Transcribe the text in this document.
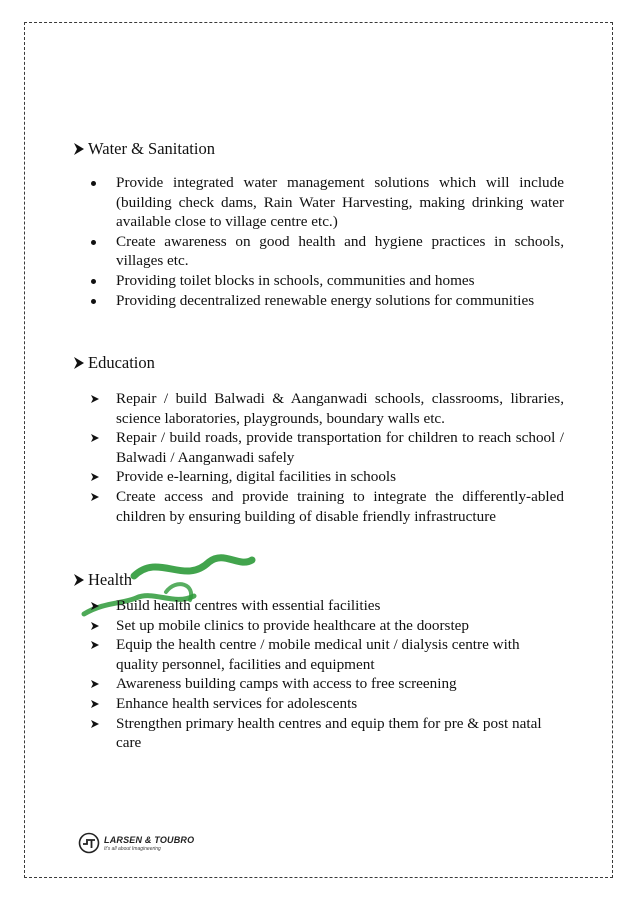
Water & Sanitation
Provide integrated water management solutions which will include (building check dams, Rain Water Harvesting, making drinking water available close to village centre etc.)
Create awareness on good health and hygiene practices in schools, villages etc.
Providing toilet blocks in schools, communities and homes
Providing decentralized renewable energy solutions for communities
Education
Repair / build Balwadi & Aanganwadi schools, classrooms, libraries, science laboratories, playgrounds, boundary walls etc.
Repair / build roads, provide transportation for children to reach school / Balwadi / Aanganwadi safely
Provide e-learning, digital facilities in schools
Create access and provide training to integrate the differently-abled children by ensuring building of disable friendly infrastructure
Health
Build health centres with essential facilities
Set up mobile clinics to provide healthcare at the doorstep
Equip the health centre / mobile medical unit / dialysis centre with quality personnel, facilities and equipment
Awareness building camps with access to free screening
Enhance health services for adolescents
Strengthen primary health centres and equip them for pre & post natal care
LARSEN & TOUBRO
It's all about Imagineering
